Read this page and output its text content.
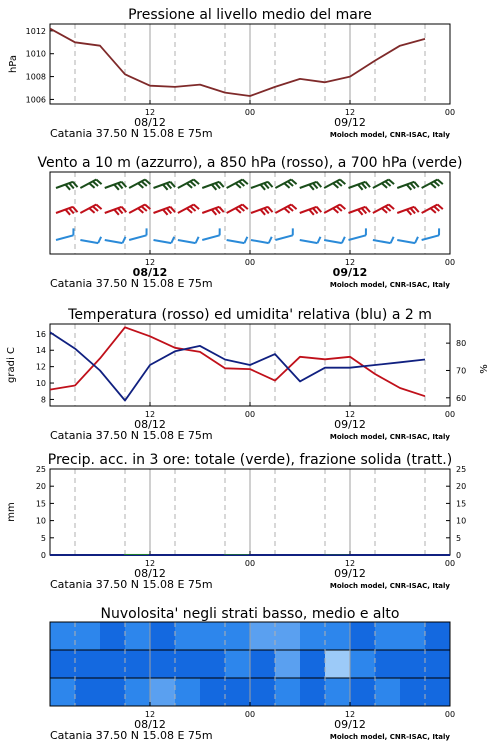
Pressione al livello medio del mare
1006
1008
1010
1012
hPa
12	00	12	00
08/12	09/12
Catania 37.50 N 15.08 E 75m	Moloch model, CNR-ISAC, Italy
Vento a 10 m (azzurro), a 850 hPa (rosso), a 700 hPa (verde)
12	00	12	00
08/12	09/12
Catania 37.50 N 15.08 E 75m	Moloch model, CNR-ISAC, Italy
Temperatura (rosso) ed umidita' relativa (blu) a 2 m
8
10
12
14
16
60
70
80
gradi C	%
12	00	12	00
08/12	09/12
Catania 37.50 N 15.08 E 75m	Moloch model, CNR-ISAC, Italy
Precip. acc. in 3 ore: totale (verde), frazione solida (tratt.)
0
5
10
15
20
25
0
5
10
15
20
25
mm
12	00	12	00
08/12	09/12
Catania 37.50 N 15.08 E 75m	Moloch model, CNR-ISAC, Italy
Nuvolosita' negli strati basso, medio e alto
12	00	12	00
08/12	09/12
Catania 37.50 N 15.08 E 75m	Moloch model, CNR-ISAC, Italy
